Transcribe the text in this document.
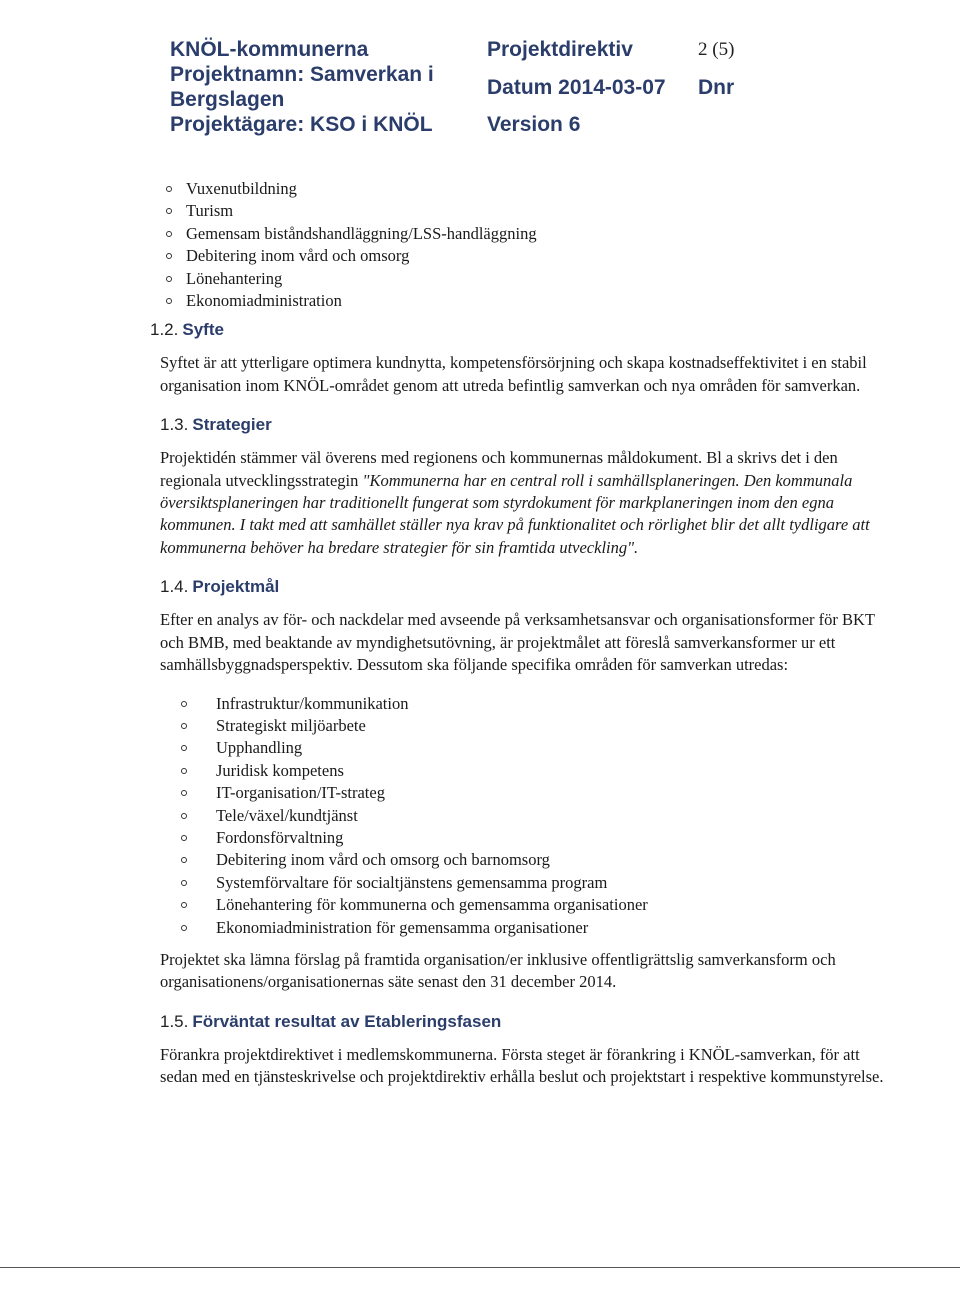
KNÖL-kommunerna
Projektnamn: Samverkan i
Bergslagen
Projektägare: KSO i KNÖL
Projektdirektiv
Datum 2014-03-07
Version 6
2 (5)
Dnr
Vuxenutbildning
Turism
Gemensam biståndshandläggning/LSS-handläggning
Debitering inom vård och omsorg
Lönehantering
Ekonomiadministration
1.2. Syfte

Syftet är att ytterligare optimera kundnytta, kompetensförsörjning och skapa kostnadseffektivitet i en stabil organisation inom KNÖL-området genom att utreda befintlig samverkan och nya områden för samverkan.

1.3. Strategier

Projektidén stämmer väl överens med regionens och kommunernas måldokument. Bl a skrivs det i den regionala utvecklingsstrategin "Kommunerna har en central roll i samhällsplaneringen. Den kommunala översiktsplaneringen har traditionellt fungerat som styrdokument för markplaneringen inom den egna kommunen. I takt med att samhället ställer nya krav på funktionalitet och rörlighet blir det allt tydligare att kommunerna behöver ha bredare strategier för sin framtida utveckling".

1.4. Projektmål

Efter en analys av för- och nackdelar med avseende på verksamhetsansvar och organisationsformer för BKT och BMB, med beaktande av myndighetsutövning, är projektmålet att föreslå samverkansformer ur ett samhällsbyggnadsperspektiv. Dessutom ska följande specifika områden för samverkan utredas:

Infrastruktur/kommunikation
Strategiskt miljöarbete
Upphandling
Juridisk kompetens
IT-organisation/IT-strateg
Tele/växel/kundtjänst
Fordonsförvaltning
Debitering inom vård och omsorg och barnomsorg
Systemförvaltare för socialtjänstens gemensamma program
Lönehantering för kommunerna och gemensamma organisationer
Ekonomiadministration för gemensamma organisationer

Projektet ska lämna förslag på framtida organisation/er inklusive offentligrättslig samverkansform och organisationens/organisationernas säte senast den 31 december 2014.

1.5. Förväntat resultat av Etableringsfasen

Förankra projektdirektivet i medlemskommunerna. Första steget är förankring i KNÖL-samverkan, för att sedan med en tjänsteskrivelse och projektdirektiv erhålla beslut och projektstart i respektive kommunstyrelse.
